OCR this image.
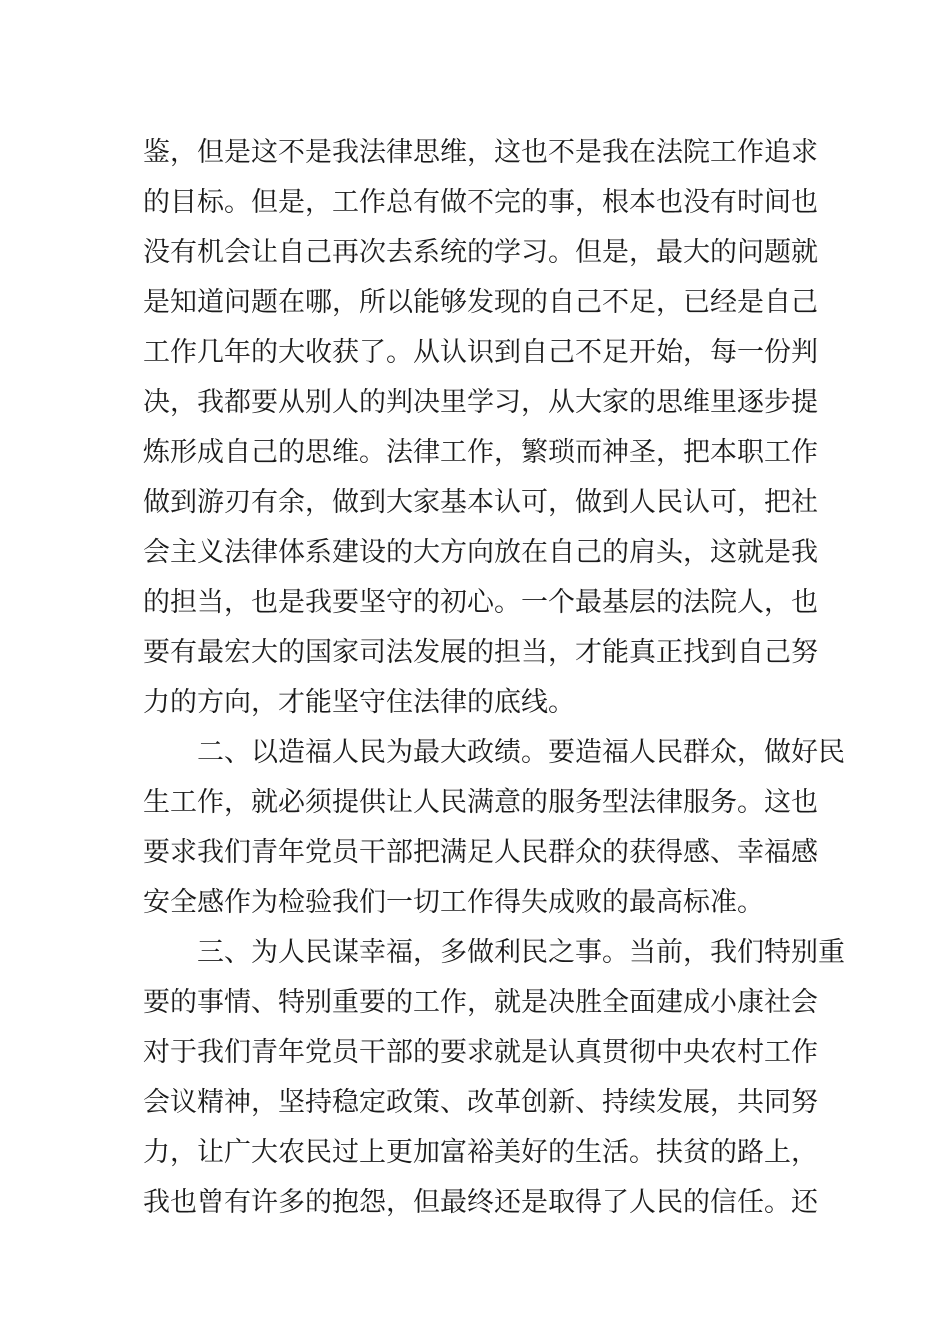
鉴，但是这不是我法律思维，这也不是我在法院工作追求
的目标。但是，工作总有做不完的事，根本也没有时间也
没有机会让自己再次去系统的学习。但是，最大的问题就
是知道问题在哪，所以能够发现的自己不足，已经是自己
工作几年的大收获了。从认识到自己不足开始，每一份判
决，我都要从别人的判决里学习，从大家的思维里逐步提
炼形成自己的思维。法律工作，繁琐而神圣，把本职工作
做到游刃有余，做到大家基本认可，做到人民认可，把社
会主义法律体系建设的大方向放在自己的肩头，这就是我
的担当，也是我要坚守的初心。一个最基层的法院人，也
要有最宏大的国家司法发展的担当，才能真正找到自己努
力的方向，才能坚守住法律的底线。
二、以造福人民为最大政绩。要造福人民群众，做好民
生工作，就必须提供让人民满意的服务型法律服务。这也
要求我们青年党员干部把满足人民群众的获得感、幸福感
安全感作为检验我们一切工作得失成败的最高标准。
三、为人民谋幸福，多做利民之事。当前，我们特别重
要的事情、特别重要的工作，就是决胜全面建成小康社会
对于我们青年党员干部的要求就是认真贯彻中央农村工作
会议精神，坚持稳定政策、改革创新、持续发展，共同努
力，让广大农民过上更加富裕美好的生活。扶贫的路上，
我也曾有许多的抱怨，但最终还是取得了人民的信任。还
